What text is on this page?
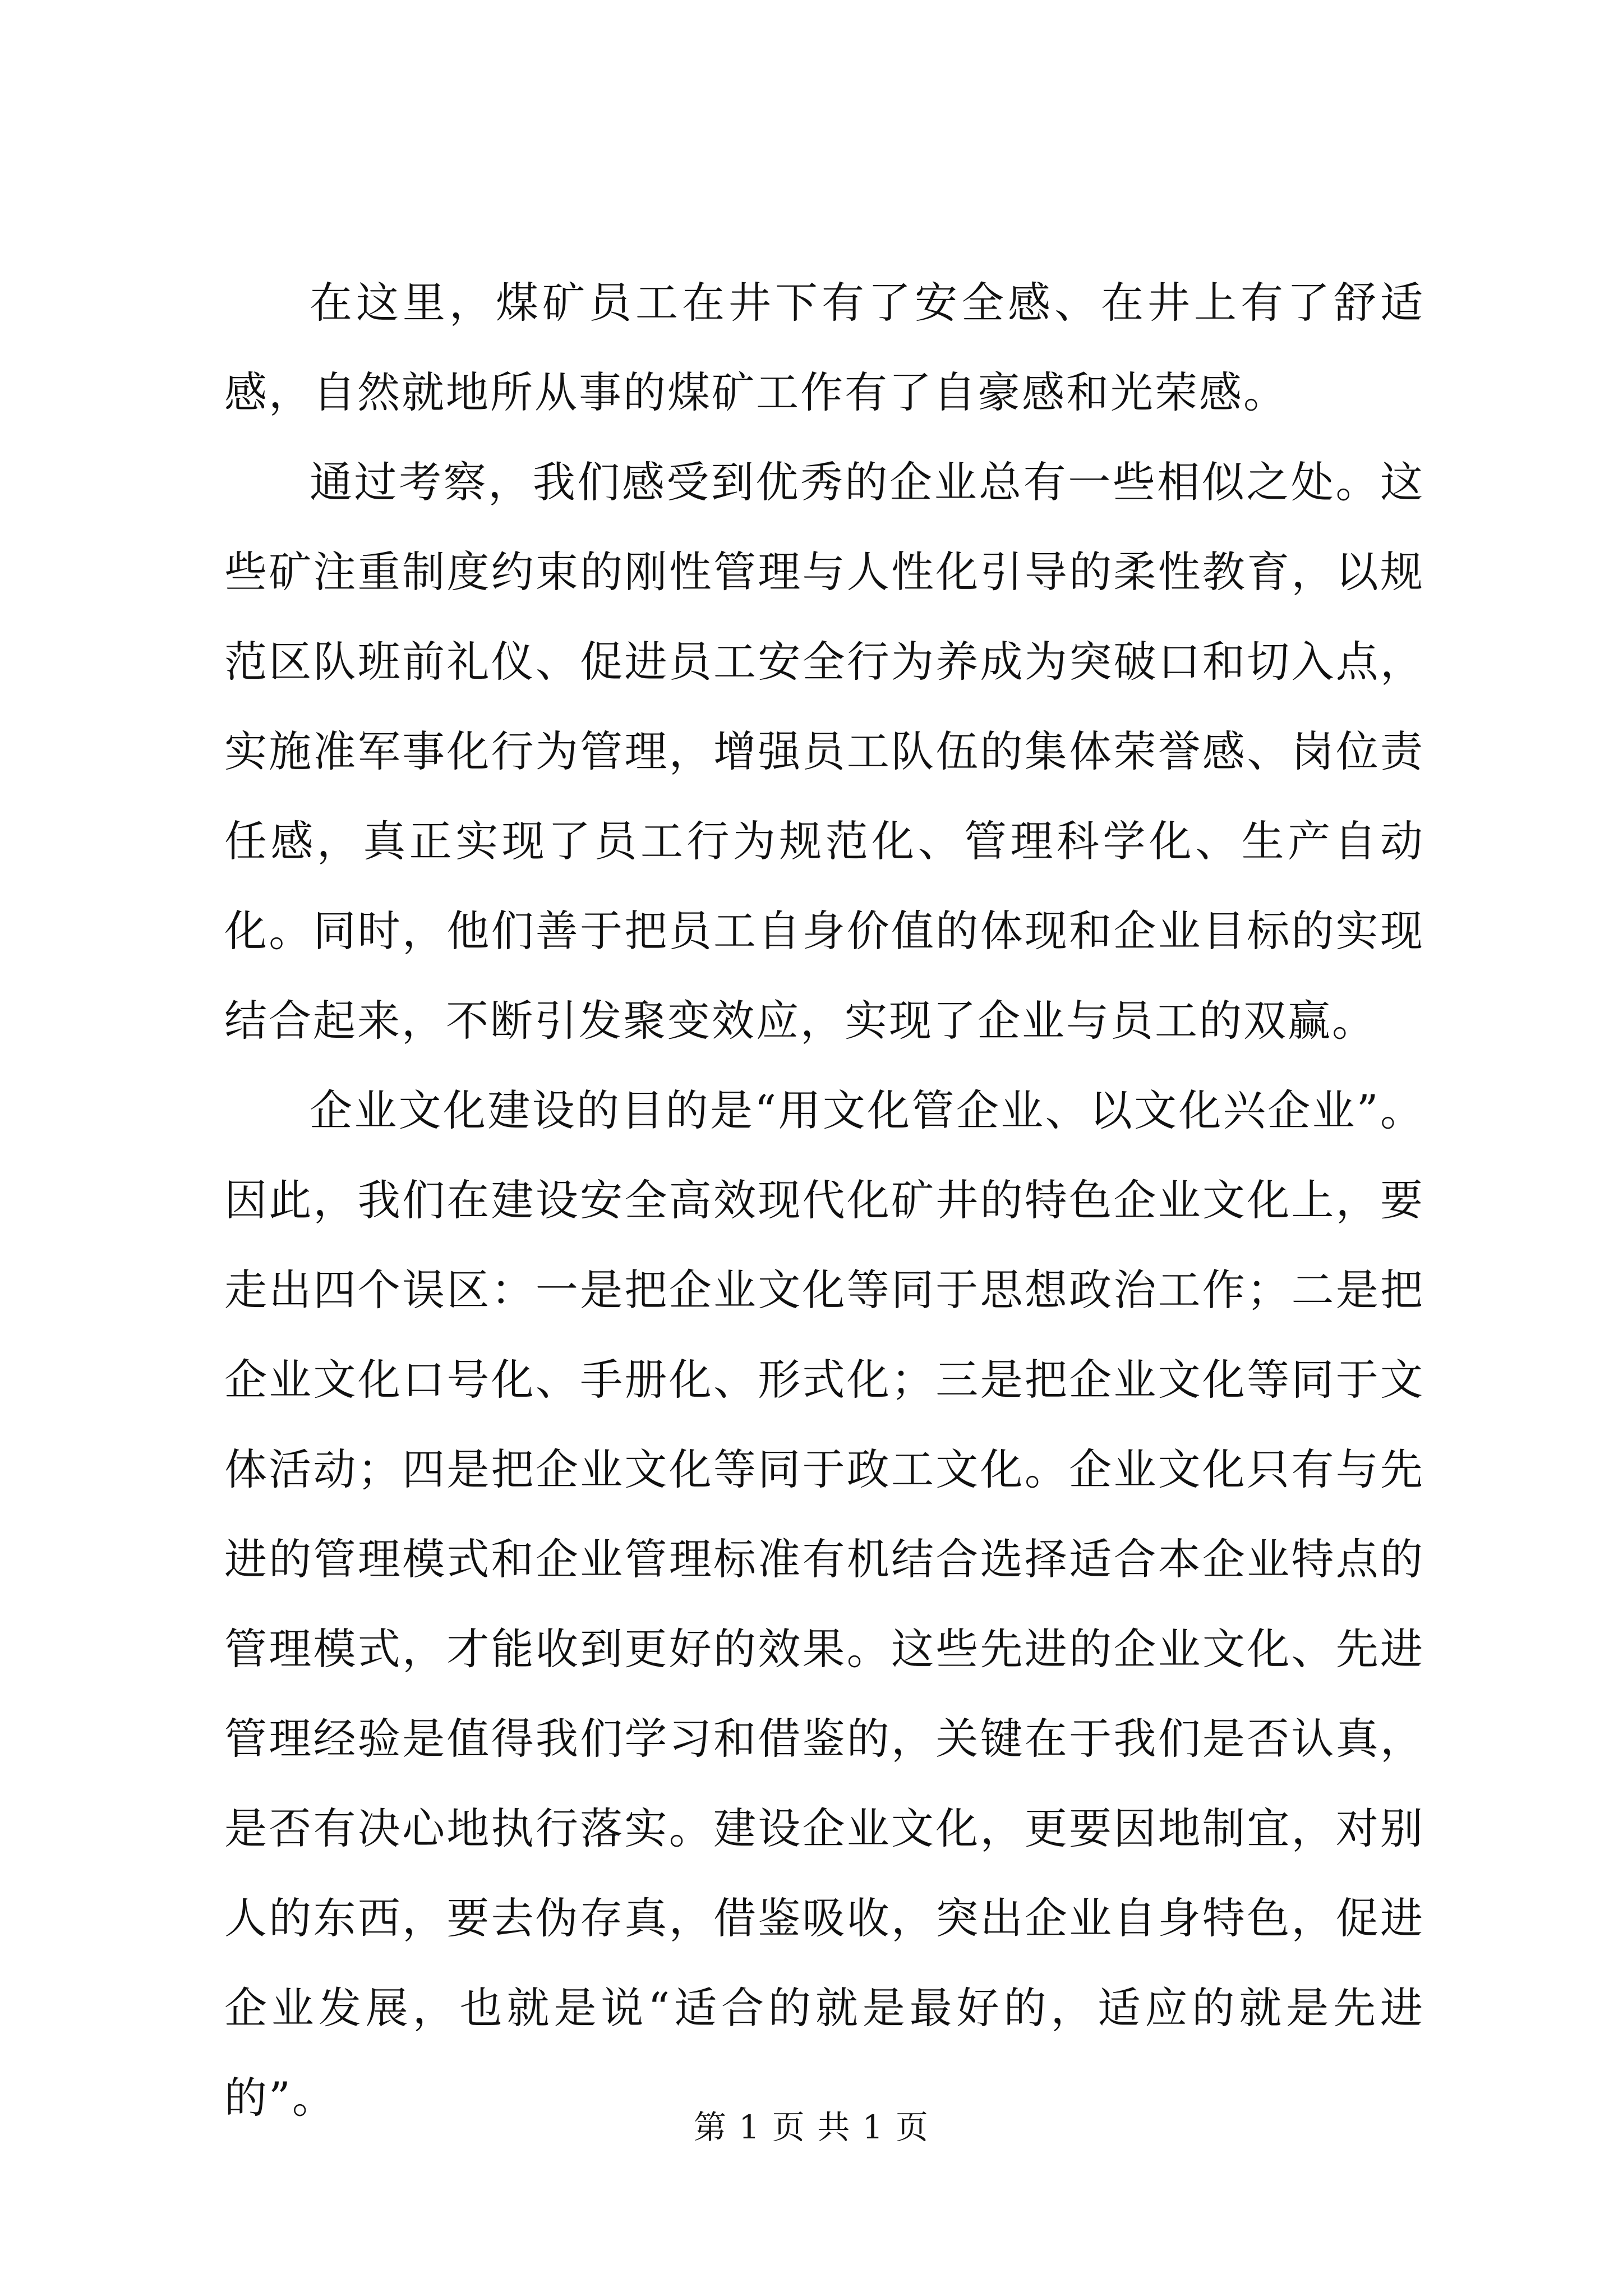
在这里，煤矿员工在井下有了安全感、在井上有了舒适感，自然就地所从事的煤矿工作有了自豪感和光荣感。

通过考察，我们感受到优秀的企业总有一些相似之处。这些矿注重制度约束的刚性管理与人性化引导的柔性教育，以规范区队班前礼仪、促进员工安全行为养成为突破口和切入点，实施准军事化行为管理，增强员工队伍的集体荣誉感、岗位责任感，真正实现了员工行为规范化、管理科学化、生产自动化。同时，他们善于把员工自身价值的体现和企业目标的实现结合起来，不断引发聚变效应，实现了企业与员工的双赢。

企业文化建设的目的是“用文化管企业、以文化兴企业”。因此，我们在建设安全高效现代化矿井的特色企业文化上，要走出四个误区：一是把企业文化等同于思想政治工作；二是把企业文化口号化、手册化、形式化；三是把企业文化等同于文体活动；四是把企业文化等同于政工文化。企业文化只有与先进的管理模式和企业管理标准有机结合选择适合本企业特点的管理模式，才能收到更好的效果。这些先进的企业文化、先进管理经验是值得我们学习和借鉴的，关键在于我们是否认真，是否有决心地执行落实。建设企业文化，更要因地制宜，对别人的东西，要去伪存真，借鉴吸收，突出企业自身特色，促进企业发展，也就是说“适合的就是最好的，适应的就是先进的”。

第 1 页 共 1 页
